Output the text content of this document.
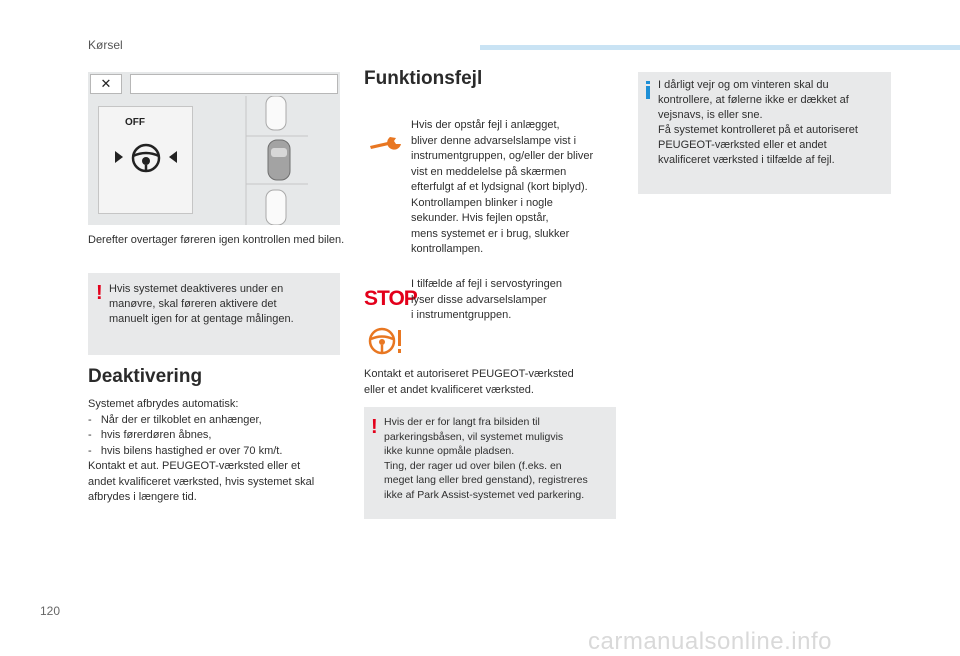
Kørsel
✕
OFF
Derefter overtager føreren igen kontrollen med bilen.
! Hvis systemet deaktiveres under en
manøvre, skal føreren aktivere det
manuelt igen for at gentage målingen.
Deaktivering
Systemet afbrydes automatisk:
-   Når der er tilkoblet en anhænger,
-   hvis førerdøren åbnes,
-   hvis bilens hastighed er over 70 km/t.
Kontakt et aut. PEUGEOT-værksted eller et
andet kvalificeret værksted, hvis systemet skal
afbrydes i længere tid.
Funktionsfejl
Hvis der opstår fejl i anlægget,
bliver denne advarselslampe vist i
instrumentgruppen, og/eller der bliver
vist en meddelelse på skærmen
efterfulgt af et lydsignal (kort biplyd).
Kontrollampen blinker i nogle
sekunder. Hvis fejlen opstår,
mens systemet er i brug, slukker
kontrollampen.
STOP
I tilfælde af fejl i servostyringen
lyser disse advarselslamper
i instrumentgruppen.
Kontakt et autoriseret PEUGEOT-værksted
eller et andet kvalificeret værksted.
! Hvis der er for langt fra bilsiden til
parkeringsbåsen, vil systemet muligvis
ikke kunne opmåle pladsen.
Ting, der rager ud over bilen (f.eks. en
meget lang eller bred genstand), registreres
ikke af Park Assist-systemet ved parkering.
I dårligt vejr og om vinteren skal du
kontrollere, at følerne ikke er dækket af
vejsnavs, is eller sne.
Få systemet kontrolleret på et autoriseret
PEUGEOT-værksted eller et andet
kvalificeret værksted i tilfælde af fejl.
120
carmanualsonline.info
